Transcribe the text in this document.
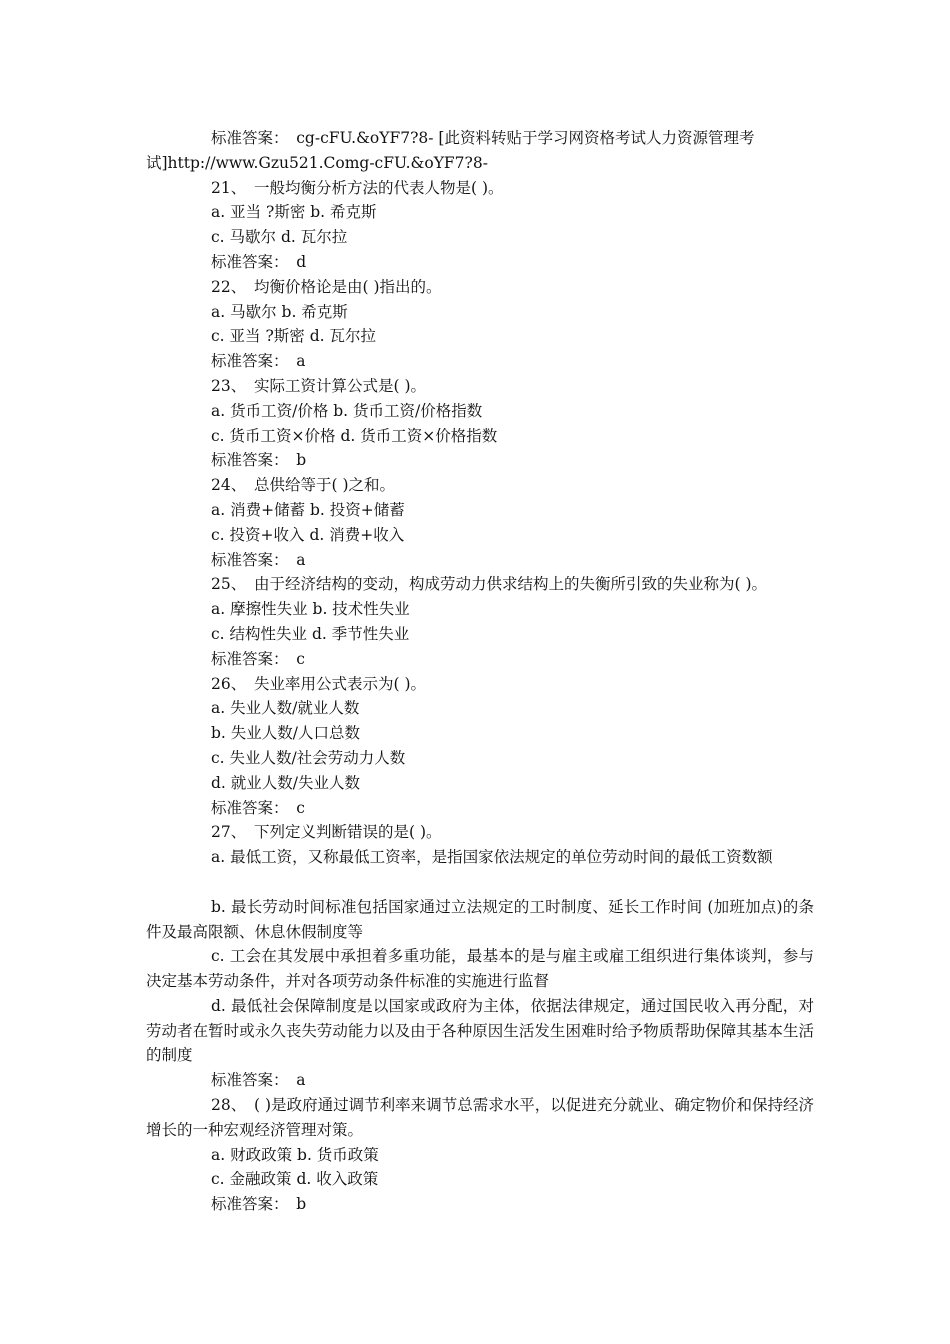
标准答案：　cg-cFU.&oYF7?8- [此资料转贴于学习网资格考试人力资源管理考试]http://www.Gzu521.Comg-cFU.&oYF7?8-
21、　一般均衡分析方法的代表人物是( )。
a. 亚当 ?斯密 b. 希克斯
c. 马歇尔 d. 瓦尔拉
标准答案：　d
22、　均衡价格论是由( )指出的。
a. 马歇尔 b. 希克斯
c. 亚当 ?斯密 d. 瓦尔拉
标准答案：　a
23、　实际工资计算公式是( )。
a. 货币工资/价格 b. 货币工资/价格指数
c. 货币工资×价格 d. 货币工资×价格指数
标准答案：　b
24、　总供给等于( )之和。
a. 消费+储蓄 b. 投资+储蓄
c. 投资+收入 d. 消费+收入
标准答案：　a
25、　由于经济结构的变动，构成劳动力供求结构上的失衡所引致的失业称为( )。
a. 摩擦性失业 b. 技术性失业
c. 结构性失业 d. 季节性失业
标准答案：　c
26、　失业率用公式表示为( )。
a. 失业人数/就业人数
b. 失业人数/人口总数
c. 失业人数/社会劳动力人数
d. 就业人数/失业人数
标准答案：　c
27、　下列定义判断错误的是( )。
a. 最低工资，又称最低工资率，是指国家依法规定的单位劳动时间的最低工资数额
b. 最长劳动时间标准包括国家通过立法规定的工时制度、延长工作时间 (加班加点)的条件及最高限额、休息休假制度等
c. 工会在其发展中承担着多重功能，最基本的是与雇主或雇工组织进行集体谈判，参与决定基本劳动条件，并对各项劳动条件标准的实施进行监督
d. 最低社会保障制度是以国家或政府为主体，依据法律规定，通过国民收入再分配，对劳动者在暂时或永久丧失劳动能力以及由于各种原因生活发生困难时给予物质帮助保障其基本生活的制度
标准答案：　a
28、　( )是政府通过调节利率来调节总需求水平，以促进充分就业、确定物价和保持经济增长的一种宏观经济管理对策。
a. 财政政策 b. 货币政策
c. 金融政策 d. 收入政策
标准答案：　b
